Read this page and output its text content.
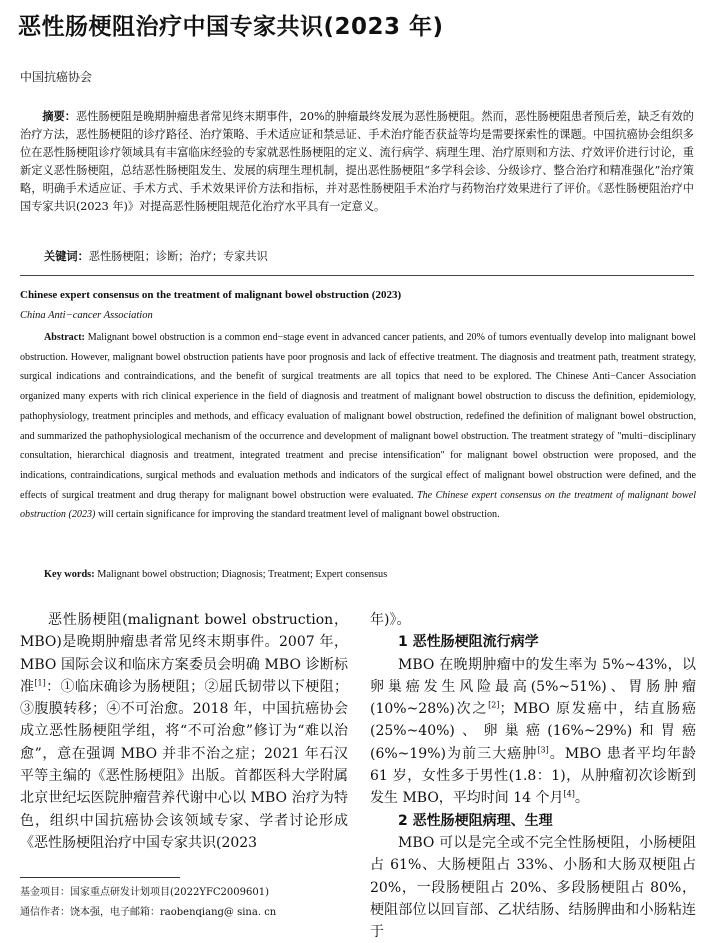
恶性肠梗阻治疗中国专家共识(2023 年)
中国抗癌协会
摘要：恶性肠梗阻是晚期肿瘤患者常见终末期事件，20%的肿瘤最终发展为恶性肠梗阻。然而，恶性肠梗阻患者预后差，缺乏有效的治疗方法，恶性肠梗阻的诊疗路径、治疗策略、手术适应证和禁忌证、手术治疗能否获益等均是需要探索性的课题。中国抗癌协会组织多位在恶性肠梗阻诊疗领域具有丰富临床经验的专家就恶性肠梗阻的定义、流行病学、病理生理、治疗原则和方法、疗效评价进行讨论，重新定义恶性肠梗阻，总结恶性肠梗阻发生、发展的病理生理机制，提出恶性肠梗阻“多学科会诊、分级诊疗、整合治疗和精准强化”治疗策略，明确手术适应证、手术方式、手术效果评价方法和指标，并对恶性肠梗阻手术治疗与药物治疗效果进行了评价。《恶性肠梗阻治疗中国专家共识(2023 年)》对提高恶性肠梗阻规范化治疗水平具有一定意义。
关键词：恶性肠梗阻；诊断；治疗；专家共识
Chinese expert consensus on the treatment of malignant bowel obstruction (2023)
China Anti−cancer Association
Abstract: Malignant bowel obstruction is a common end−stage event in advanced cancer patients, and 20% of tumors eventually develop into malignant bowel obstruction. However, malignant bowel obstruction patients have poor prognosis and lack of effective treatment. The diagnosis and treatment path, treatment strategy, surgical indications and contraindications, and the benefit of surgical treatments are all topics that need to be explored. The Chinese Anti−Cancer Association organized many experts with rich clinical experience in the field of diagnosis and treatment of malignant bowel obstruction to discuss the definition, epidemiology, pathophysiology, treatment principles and methods, and efficacy evaluation of malignant bowel obstruction, redefined the definition of malignant bowel obstruction, and summarized the pathophysiological mechanism of the occurrence and development of malignant bowel obstruction. The treatment strategy of "multi−disciplinary consultation, hierarchical diagnosis and treatment, integrated treatment and precise intensification" for malignant bowel obstruction were proposed, and the indications, contraindications, surgical methods and evaluation methods and indicators of the surgical effect of malignant bowel obstruction were defined, and the effects of surgical treatment and drug therapy for malignant bowel obstruction were evaluated. The Chinese expert consensus on the treatment of malignant bowel obstruction (2023) will certain significance for improving the standard treatment level of malignant bowel obstruction.
Key words: Malignant bowel obstruction; Diagnosis; Treatment; Expert consensus

恶性肠梗阻(malignant bowel obstruction，MBO)是晚期肿瘤患者常见终末期事件。2007 年，MBO 国际会议和临床方案委员会明确 MBO 诊断标准[1]：①临床确诊为肠梗阻；②屈氏韧带以下梗阻；③腹膜转移；④不可治愈。2018 年，中国抗癌协会成立恶性肠梗阻学组，将“不可治愈”修订为“难以治愈”，意在强调 MBO 并非不治之症；2021 年石汉平等主编的《恶性肠梗阻》出版。首都医科大学附属北京世纪坛医院肿瘤营养代谢中心以 MBO 治疗为特色，组织中国抗癌协会该领域专家、学者讨论形成《恶性肠梗阻治疗中国专家共识(2023

基金项目：国家重点研发计划项目(2022YFC2009601)
通信作者：饶本强，电子邮箱：raobenqiang@ sina. cn

年)》。

1 恶性肠梗阻流行病学

MBO 在晚期肿瘤中的发生率为 5%~43%，以卵巢癌发生风险最高(5%~51%)、胃肠肿瘤(10%~28%)次之[2]；MBO 原发癌中，结直肠癌(25%~40%)、卵巢癌(16%~29%)和胃癌(6%~19%)为前三大癌肿[3]。MBO 患者平均年龄 61 岁，女性多于男性(1.8：1)，从肿瘤初次诊断到发生 MBO，平均时间 14 个月[4]。

2 恶性肠梗阻病理、生理

MBO 可以是完全或不完全性肠梗阻，小肠梗阻占 61%、大肠梗阻占 33%、小肠和大肠双梗阻占 20%，一段肠梗阻占 20%、多段肠梗阻占 80%，梗阻部位以回盲部、乙状结肠、结肠脾曲和小肠粘连于
